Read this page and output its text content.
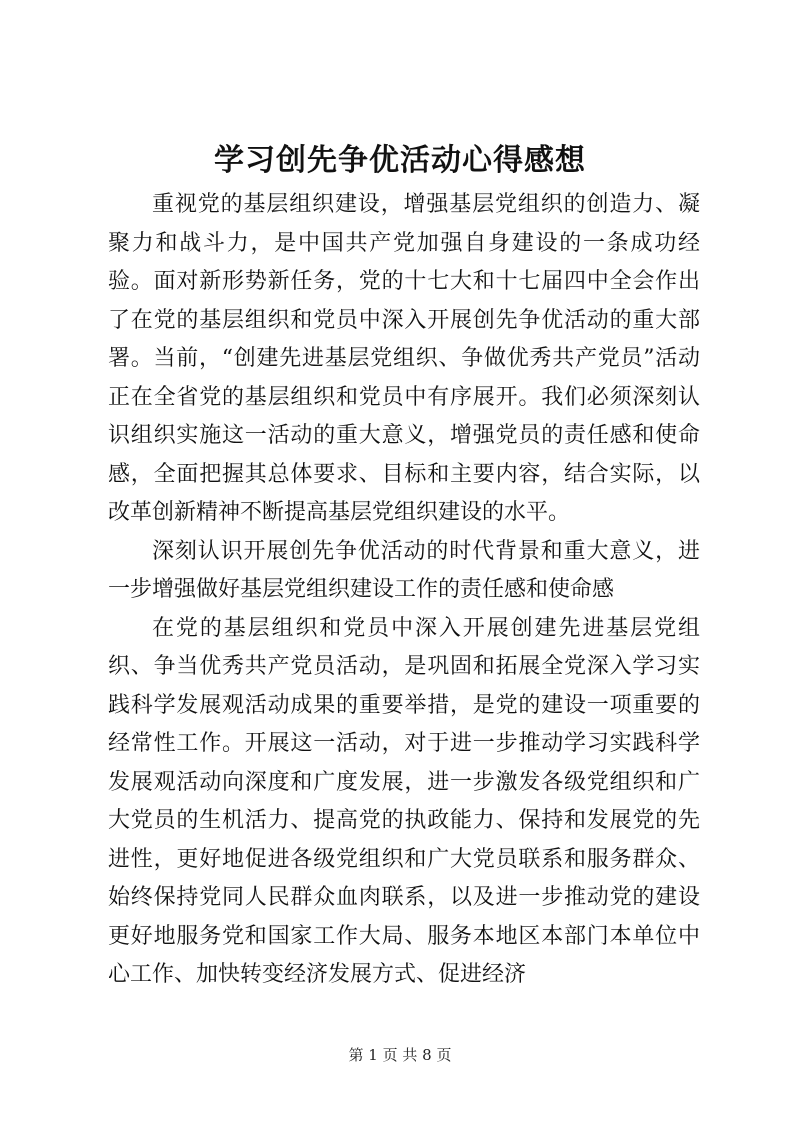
学习创先争优活动心得感想

重视党的基层组织建设，增强基层党组织的创造力、凝聚力和战斗力，是中国共产党加强自身建设的一条成功经验。面对新形势新任务，党的十七大和十七届四中全会作出了在党的基层组织和党员中深入开展创先争优活动的重大部署。当前，“创建先进基层党组织、争做优秀共产党员”活动正在全省党的基层组织和党员中有序展开。我们必须深刻认识组织实施这一活动的重大意义，增强党员的责任感和使命感，全面把握其总体要求、目标和主要内容，结合实际，以改革创新精神不断提高基层党组织建设的水平。

深刻认识开展创先争优活动的时代背景和重大意义，进一步增强做好基层党组织建设工作的责任感和使命感

在党的基层组织和党员中深入开展创建先进基层党组织、争当优秀共产党员活动，是巩固和拓展全党深入学习实践科学发展观活动成果的重要举措，是党的建设一项重要的经常性工作。开展这一活动，对于进一步推动学习实践科学发展观活动向深度和广度发展，进一步激发各级党组织和广大党员的生机活力、提高党的执政能力、保持和发展党的先进性，更好地促进各级党组织和广大党员联系和服务群众、始终保持党同人民群众血肉联系，以及进一步推动党的建设更好地服务党和国家工作大局、服务本地区本部门本单位中心工作、加快转变经济发展方式、促进经济

第 1 页 共 8 页
